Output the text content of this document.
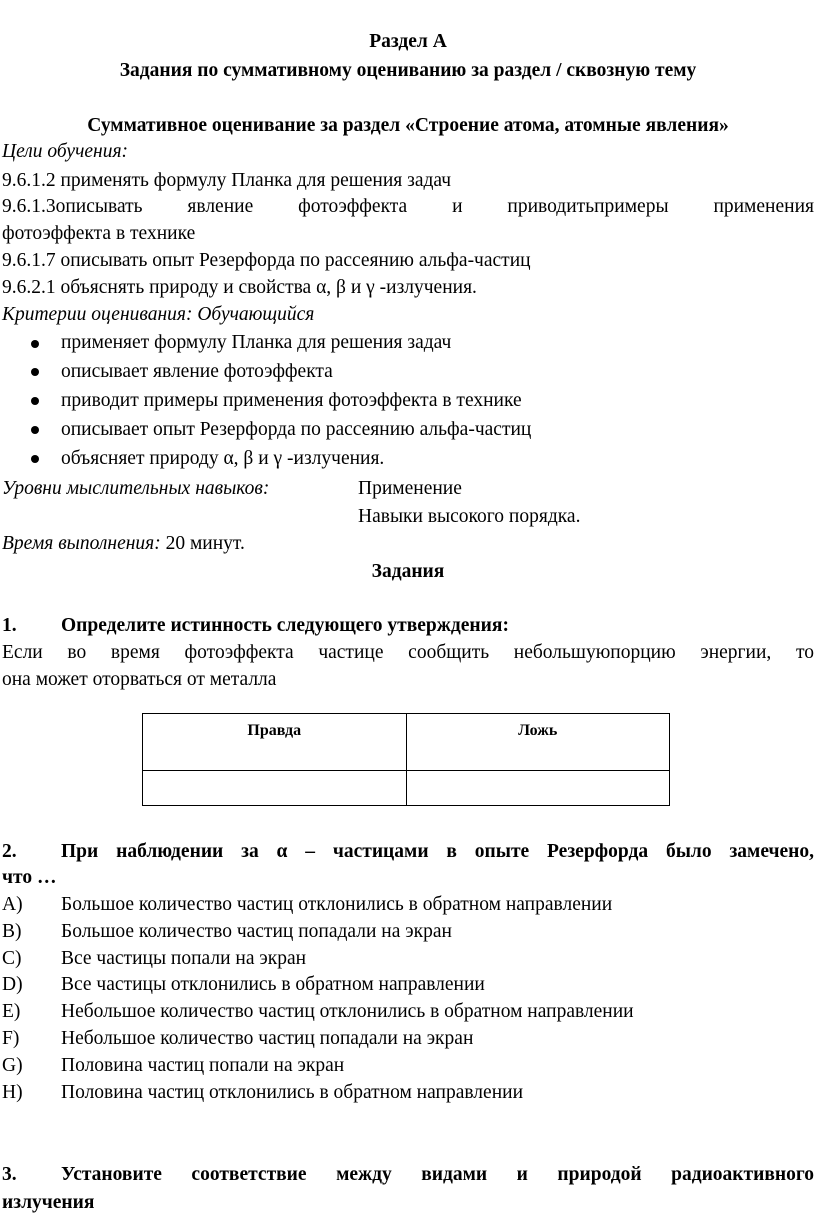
Раздел А
Задания по суммативному оцениванию за раздел / сквозную тему
Суммативное оценивание за раздел «Строение атома, атомные явления»
Цели обучения:
9.6.1.2 применять формулу Планка для решения задач
9.6.1.3описывать явление фотоэффекта и приводитьпримеры применения
фотоэффекта в технике
9.6.1.7 описывать опыт Резерфорда по рассеянию альфа-частиц
9.6.2.1 объяснять природу и свойства α, β и γ -излучения.
Критерии оценивания: Обучающийся
применяет формулу Планка для решения задач
описывает явление фотоэффекта
приводит примеры применения фотоэффекта в технике
описывает опыт Резерфорда по рассеянию альфа-частиц
объясняет природу α, β и γ -излучения.
Уровни мыслительных навыков:	Применение
Навыки высокого порядка.
Время выполнения: 20 минут.
Задания
1. Определите истинность следующего утверждения:
Если во время фотоэффекта частице сообщить небольшуюпорцию энергии, то
она может оторваться от металла
Правда	Ложь

2. При наблюдении за α – частицами в опыте Резерфорда было замечено,
что …
A) Большое количество частиц отклонились в обратном направлении
B) Большое количество частиц попадали на экран
C) Все частицы попали на экран
D) Все частицы отклонились в обратном направлении
E) Небольшое количество частиц отклонились в обратном направлении
F) Небольшое количество частиц попадали на экран
G) Половина частиц попали на экран
H) Половина частиц отклонились в обратном направлении
3. Установите соответствие между видами и природой радиоактивного
излучения
